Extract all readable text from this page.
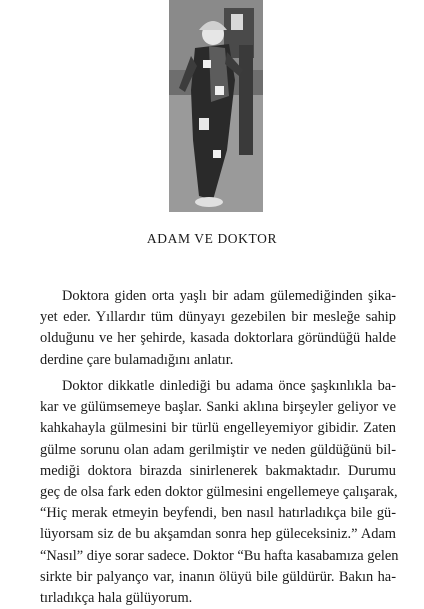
ADAM VE DOKTOR
Doktora giden orta yaşlı bir adam gülemediğinden şika-
yet eder. Yıllardır tüm dünyayı gezebilen bir mesleğe sahip
olduğunu ve her şehirde, kasada doktorlara göründüğü halde
derdine çare bulamadığını anlatır.
Doktor dikkatle dinlediği bu adama önce şaşkınlıkla ba-
kar ve gülümsemeye başlar. Sanki aklına birşeyler geliyor ve
kahkahayla gülmesini bir türlü engelleyemiyor gibidir. Zaten
gülme sorunu olan adam gerilmiştir ve neden güldüğünü bil-
mediği doktora birazda sinirlenerek bakmaktadır. Durumu
geç de olsa fark eden doktor gülmesini engellemeye çalışarak,
“Hiç merak etmeyin beyfendi, ben nasıl hatırladıkça bile gü-
lüyorsam siz de bu akşamdan sonra hep güleceksiniz.” Adam
“Nasıl” diye sorar sadece. Doktor “Bu hafta kasabamıza gelen
sirkte bir palyanço var, inanın ölüyü bile güldürür. Bakın ha-
tırladıkça hala gülüyorum.
